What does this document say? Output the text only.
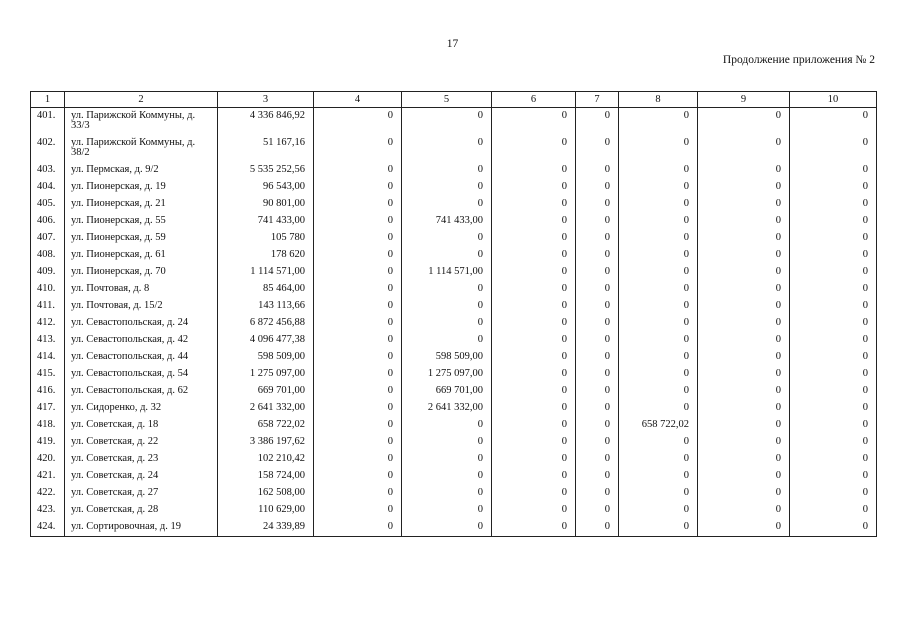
17
Продолжение приложения № 2
1	2	3	4	5	6	7	8	9	10
401.	ул. Парижской Коммуны, д. 33/3	4 336 846,92	0	0	0	0	0	0	0
402.	ул. Парижской Коммуны, д. 38/2	51 167,16	0	0	0	0	0	0	0
403.	ул. Пермская, д. 9/2	5 535 252,56	0	0	0	0	0	0	0
404.	ул. Пионерская, д. 19	96 543,00	0	0	0	0	0	0	0
405.	ул. Пионерская, д. 21	90 801,00	0	0	0	0	0	0	0
406.	ул. Пионерская, д. 55	741 433,00	0	741 433,00	0	0	0	0	0
407.	ул. Пионерская, д. 59	105 780	0	0	0	0	0	0	0
408.	ул. Пионерская, д. 61	178 620	0	0	0	0	0	0	0
409.	ул. Пионерская, д. 70	1 114 571,00	0	1 114 571,00	0	0	0	0	0
410.	ул. Почтовая, д. 8	85 464,00	0	0	0	0	0	0	0
411.	ул. Почтовая, д. 15/2	143 113,66	0	0	0	0	0	0	0
412.	ул. Севастопольская, д. 24	6 872 456,88	0	0	0	0	0	0	0
413.	ул. Севастопольская, д. 42	4 096 477,38	0	0	0	0	0	0	0
414.	ул. Севастопольская, д. 44	598 509,00	0	598 509,00	0	0	0	0	0
415.	ул. Севастопольская, д. 54	1 275 097,00	0	1 275 097,00	0	0	0	0	0
416.	ул. Севастопольская, д. 62	669 701,00	0	669 701,00	0	0	0	0	0
417.	ул. Сидоренко, д. 32	2 641 332,00	0	2 641 332,00	0	0	0	0	0
418.	ул. Советская, д. 18	658 722,02	0	0	0	0	658 722,02	0	0
419.	ул. Советская, д. 22	3 386 197,62	0	0	0	0	0	0	0
420.	ул. Советская, д. 23	102 210,42	0	0	0	0	0	0	0
421.	ул. Советская, д. 24	158 724,00	0	0	0	0	0	0	0
422.	ул. Советская, д. 27	162 508,00	0	0	0	0	0	0	0
423.	ул. Советская, д. 28	110 629,00	0	0	0	0	0	0	0
424.	ул. Сортировочная, д. 19	24 339,89	0	0	0	0	0	0	0
